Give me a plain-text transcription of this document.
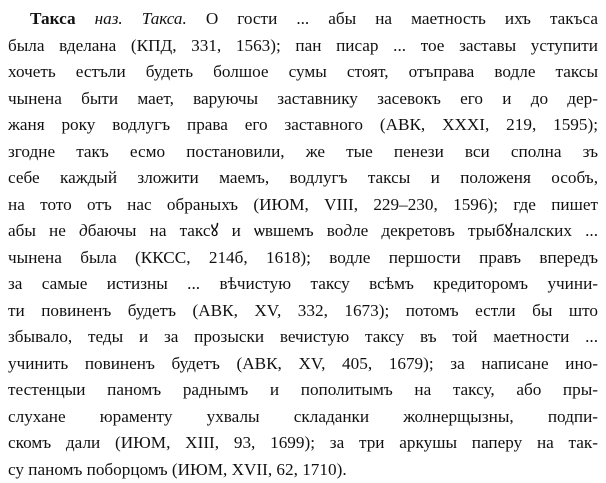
Такса наз. Такса. О гости ... абы на маетность ихъ такъса
была вделана (КПД, 331, 1563); пан писар ... тое заставы уступити
хочеть естъли будеть болшое сумы стоят, отъправа водле таксы
чынена быти мает, варуючы заставнику засевокъ его и до дер-
жаня року водлугъ права его заставного (АВК, XXXI, 219, 1595);
згодне такъ есмо постановили, же тые пенези вси сполна зъ
себе каждый зложити маемъ, водлугъ таксы и положеня особъ,
на тото отъ нас обраныхъ (ИЮМ, VIII, 229–230, 1596); где пишет
абы не дбаючы на таксꙋ и ѡвшемъ водле декретовъ трыбꙋналских ...
чынена была (ККСС, 214б, 1618); водле першости правъ впередъ
за самые истизны ... вѣчистую таксу всѣмъ кредиторомъ учини-
ти повиненъ будетъ (АВК, XV, 332, 1673); потомъ естли бы што
збывало, теды и за прозыски вечистую таксу въ той маетности ...
учинить повиненъ будетъ (АВК, XV, 405, 1679); за написане ино-
тестенцыи паномъ раднымъ и пополитымъ на таксу, або пры-
слухане юраменту ухвалы складанки жолнерщызны, подпи-
скомъ дали (ИЮМ, XIII, 93, 1699); за три аркушы паперу на так-
су паномъ поборцомъ (ИЮМ, XVII, 62, 1710).
